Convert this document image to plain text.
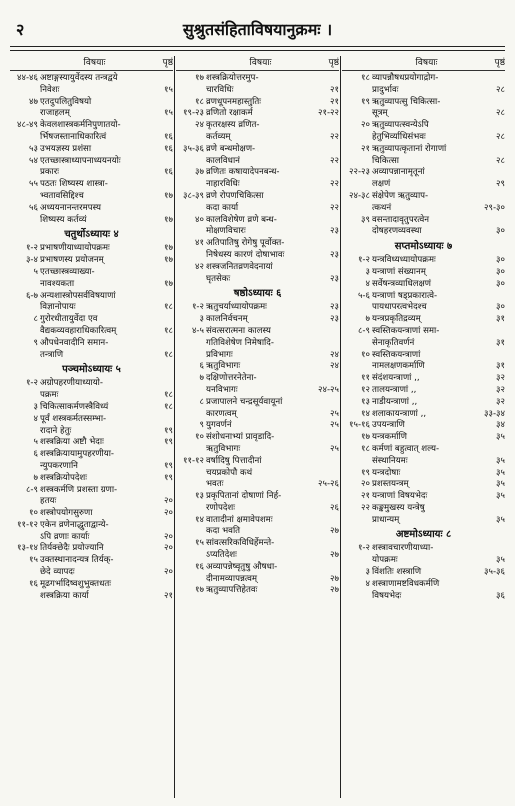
२	सुश्रुतसंहिताविषयानुक्रमः ।
विषयाः	पृष्ठं
४४-४६ अष्टाङ्गस्यायुर्वेदस्य तन्त्रद्वये
निवेशः	१५
४७ एतदुपलितुविषयो
राजाहलम्	१५
४८-४९ केवलशास्त्रकर्मनिपुणातयो-
र्भिषजस्तानाधिकारित्वं	१६
५३ उभयज्ञस्य प्रशंसा	१६
५४ एतच्छास्त्राध्यापनाध्ययनयोः
प्रकारः	१६
५५ पठतः शिष्यस्य शास्त्रा-
भ्वतावसिद्दिश्च	१७
५६ अध्ययनानन्तरमपस्य
शिष्यस्य कर्तव्यं	१७
चतुर्थोऽध्यायः ४
१-२ प्रभाषणीयाध्यायोपक्रमः	१७
३-४ प्रभाषणस्य प्रयोजनम्	१७
५ एतच्छास्त्रव्याख्या-
नावश्यकता	१७
६-७ अन्यशास्त्रोपसर्वविषयाणां
विज्ञानोपायः	१८
८ गुरोरधीतायुर्वेदा एव
वैद्यकव्यवहाराधिकारित्वम्	१८
९ औपधेनवादीनि समान-
तन्त्राणि	१८
पञ्चमोऽध्यायः ५
१-२ अग्रोपहरणीयाध्यायो-
पक्रमः	१८
३ चिकित्साकर्मणस्त्रैविध्यं	१८
४ पूर्वं शस्त्रकर्मतस्सम्भा-
रादाने हेतुः	१९
५ शस्त्रक्रिया अष्टौ भेदाः	१९
६ शस्त्रक्रियायामुपहरणीया-
न्युपकरणानि	१९
७ शस्त्रक्रियोपदेशः	१९
८-९ शस्त्रकर्मणि प्रशस्ता ग्रणा-
हतयः	२०
१० शस्त्रोपयोगसुरुणा	२०
११-१२ एकेन व्रणेनाद्धुताद्वान्ये-
ऽपि व्रणाः कार्याः	२०
१३-१४ तिर्यक्छेदैः प्रयोज्यानि	२०
१५ उक्तस्थानादन्यत्र तिर्यक्-
छेदे व्यापदः	२०
१६ मूढगर्भादिष्वशुभुक्तधतः
शस्त्रक्रिया कार्या	२१
विषयाः	पृष्ठं
१७ शस्त्रक्रियोत्तरमुप-
चारविधिः	२१
१८ व्रणधूपनमहास्तुतिः	२१
१९-२३ व्रणितो रक्षाकर्म	२१-२२
२४ कृतरक्षस्य व्रणित-
कर्तव्यम्	२२
३५-३६ व्रणे बन्धमोक्षण-
कालविधानं	२२
३७ व्रणितः कषायादेपनबन्ध-
नाहारविधिः	२२
३८-३९ व्रणे रोपणचिकित्सा
कदा कार्या	२२
४० कालविशेषेण व्रणे बन्ध-
मोक्षणविचारः	२३
४१ अतिपातिषु रोगेषु पूर्वोक्त-
निषेधस्य कारणं दोषाभावः	२३
४२ शस्त्रजनितव्रणवेदनायां
घृतसेकः	२३
षष्ठोऽध्यायः ६
१-२ ऋतुचर्याध्यायोपक्रमः	२३
३ कालनिर्वचनम्	२३
४-५ संवत्सरात्मना कालस्य
गतिविशेषेण निमेषादि-
प्रविभागः	२४
६ ऋतुविभागः	२४
७ दक्षिणोत्तरनेतेना-
यनविभागः	२४-२५
८ प्रजापालने चन्द्रसूर्यवायूनां
कारणत्वम्	२५
९ युगवर्णनं	२५
१० संशोधनाभ्यां प्रावृडादि-
ऋतुविभागः	२५
११-१२ वर्षादिषु पित्तादीनां
चयप्रकोपौ कथं
भवतः	२५-२६
१३ प्रकृपितानां दोषाणां निर्ह-
रणोपदेशः	२६
१४ वातादीनां क्षमावेपशमः
कदा भवति	२७
१५ सांवत्सरिकविधिर्हेमन्ते-
ऽप्यतिदेशः	२७
१६ अव्यापन्नेष्वृतुषु औषधा-
दीनामव्यापन्नत्वम्	२७
१७ ऋतुव्यापत्तिहेतवः	२७
विषयाः	पृष्ठं
१८ व्यापन्नौषधप्रयोगाद्रोग-
प्रादुर्भावः	२८
१९ ऋतुव्यापत्सु चिकित्सा-
सूत्रम्	२८
२० ऋतुव्यापत्स्वन्येऽपि
हेतुभिर्व्याधिसंभवः	२८
२१ ऋतुव्यापत्कृतानां रोगाणां
चिकित्सा	२८
२२-२३ अव्यापन्नानामृतूनां
लक्षणं	२९
२४-३८ संक्षेपेण ऋतुव्याप-
त्कथनं	२९-३०
३९ वसन्तादावृतुपरत्वेन
दोषहरणव्यवस्था	३०
सप्तमोऽध्यायः ७
१-२ यन्त्रविध्यध्यायोपक्रमः	३०
३ यन्त्राणां संख्यानम्	३०
४ सर्वेषन्त्रव्याधिलक्षणं	३०
५-६ यन्त्राणां षड्प्रकारात्वे-
पायधापरत्वभेदश्च	३०
७ यन्त्रप्रकृतिद्रव्यम्	३१
८-९ स्वस्तिकयन्त्राणां समा-
सेनाकृतिवर्णनं	३१
१० स्वस्तिकयन्त्राणां
नामलक्षणकर्माणि	३१
११ संदंशयन्त्राणां ,,	३२
१२ तालयन्त्राणां ,,	३२
१३ नाडीयन्त्राणां ,,	३२
१४ शलाकायन्त्राणां ,,	३३-३४
१५-१६ उपयन्त्राणि	३४
१७ यन्त्रकर्माणि	३५
१८ कर्मणां बहुत्वात् शल्य-
संस्थानियमः	३५
१९ यन्त्रदोषाः	३५
२० प्रशस्तयन्त्रम्	३५
२१ यन्त्राणां विषयभेदः	३५
२२ कङ्कमुखस्य यन्त्रेषु
प्राधान्यम्	३५
अष्टमोऽध्यायः ८
१-२ शस्त्रावचारणीयाध्या-
योपक्रमः	३५
३ विंशतिः शस्त्राणि	३५-३६
४ शस्त्राणामष्टविधकर्मणि
विषयभेदः	३६
